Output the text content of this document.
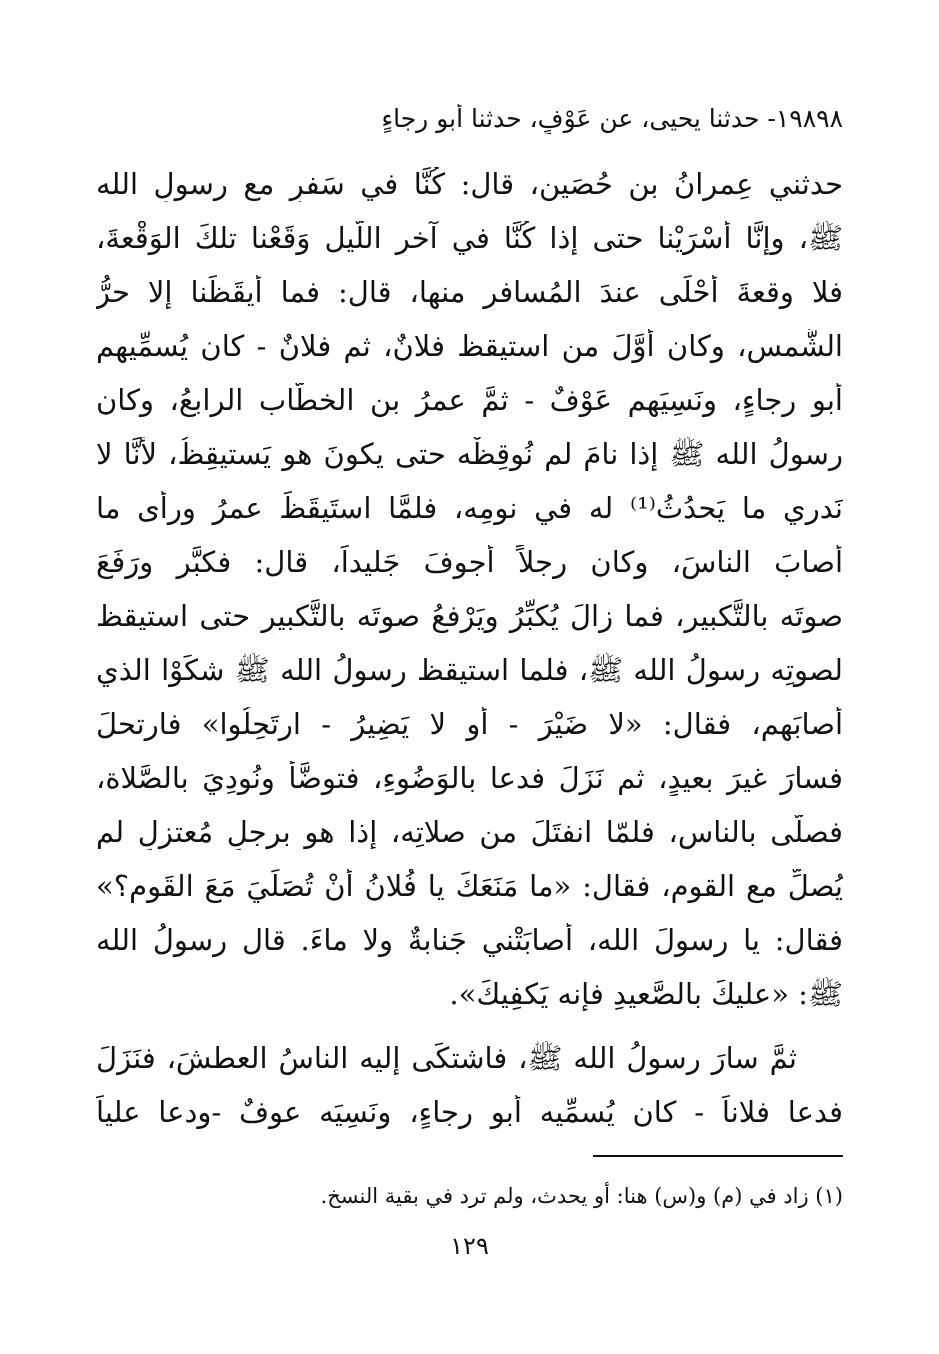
١٩٨٩٨- حدثنا يحيى، عن عَوْفٍ، حدثنا أبو رجاءٍ
حدثني عِمرانُ بن حُصَين، قال: كُنَّا في سَفرٍ مع رسولِ الله
ﷺ، وإنَّا أسْرَيْنا حتى إذا كُنَّا في آخرِ اللَّيل وَقَعْنا تلكَ الوَقْعةَ،
فلا وقعةَ أحْلَى عندَ المُسافرِ منها، قال: فما أيقَظَنا إلا حرُّ
الشَّمس، وكان أوَّلَ من استيقظ فلانٌ، ثم فلانٌ - كان يُسمِّيهم
أبو رجاءٍ، ونَسِيَهم عَوْفٌ - ثمَّ عمرُ بن الخطَّاب الرابعُ، وكان
رسولُ الله ﷺ إذا نامَ لم نُوقِظْه حتى يكونَ هو يَستيقِظُ، لأنَّا لا
نَدري ما يَحدُثُ⁽¹⁾ له في نومِه، فلمَّا استَيقَظَ عمرُ ورأى ما
أصابَ الناسَ، وكان رجلاً أجوفَ جَليداً، قال: فكبَّر ورَفَعَ
صوتَه بالتَّكبير، فما زالَ يُكبِّرُ ويَرْفعُ صوتَه بالتَّكبيرِ حتى استيقظ
لصوتِه رسولُ الله ﷺ، فلما استيقظ رسولُ الله ﷺ شكَوْا الذي
أصابَهم، فقال: «لا ضَيْرَ - أو لا يَضِيرُ - ارتَحِلُوا» فارتحلَ
فسارَ غيرَ بعيدٍ، ثم نَزَلَ فدعا بالوَضُوءِ، فتوضَّأ ونُودِيَ بالصَّلاة،
فصلَّى بالناس، فلمّا انفتَلَ من صلاتِه، إذا هو برجلٍ مُعتزلٍ لم
يُصلِّ مع القوم، فقال: «ما مَنَعَكَ يا فُلانُ أنْ تُصَلِّيَ مَعَ القَومِ؟»
فقال: يا رسولَ الله، أصابَتْني جَنابةٌ ولا ماءَ. قال رسولُ الله
ﷺ: «عليكَ بالصَّعيدِ فإنه يَكفِيكَ».
ثمَّ سارَ رسولُ الله ﷺ، فاشتكَى إليه الناسُ العطشَ، فنَزَلَ
فدعا فلاناً - كان يُسمِّيه أبو رجاءٍ، ونَسِيَه عوفٌ -ودعا علياً
(١) زاد في (م) و(س) هنا: أو يحدث، ولم ترد في بقية النسخ.
١٢٩
